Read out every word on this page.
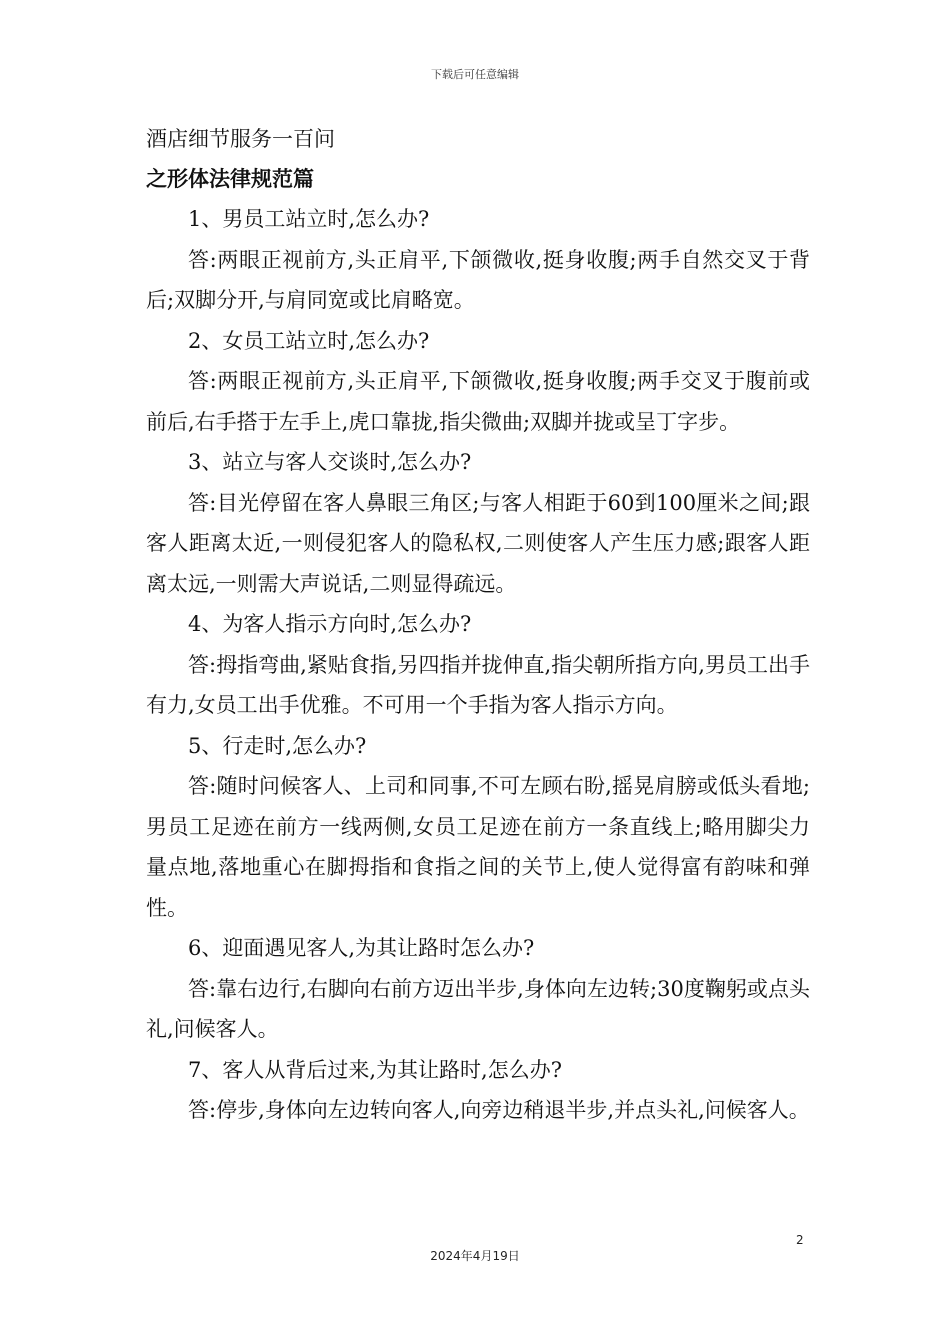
下载后可任意编辑
酒店细节服务一百问
之形体法律规范篇

1、男员工站立时,怎么办?

答:两眼正视前方,头正肩平,下颌微收,挺身收腹;两手自然交叉于背后;双脚分开,与肩同宽或比肩略宽。

2、女员工站立时,怎么办?

答:两眼正视前方,头正肩平,下颌微收,挺身收腹;两手交叉于腹前或前后,右手搭于左手上,虎口靠拢,指尖微曲;双脚并拢或呈丁字步。

3、站立与客人交谈时,怎么办?

答:目光停留在客人鼻眼三角区;与客人相距于60到100厘米之间;跟客人距离太近,一则侵犯客人的隐私权,二则使客人产生压力感;跟客人距离太远,一则需大声说话,二则显得疏远。

4、为客人指示方向时,怎么办?

答:拇指弯曲,紧贴食指,另四指并拢伸直,指尖朝所指方向,男员工出手有力,女员工出手优雅。不可用一个手指为客人指示方向。

5、行走时,怎么办?

答:随时问候客人、上司和同事,不可左顾右盼,摇晃肩膀或低头看地;男员工足迹在前方一线两侧,女员工足迹在前方一条直线上;略用脚尖力量点地,落地重心在脚拇指和食指之间的关节上,使人觉得富有韵味和弹性。

6、迎面遇见客人,为其让路时怎么办?

答:靠右边行,右脚向右前方迈出半步,身体向左边转;30度鞠躬或点头礼,问候客人。

7、客人从背后过来,为其让路时,怎么办?

答:停步,身体向左边转向客人,向旁边稍退半步,并点头礼,问候客人。

2
2024年4月19日
